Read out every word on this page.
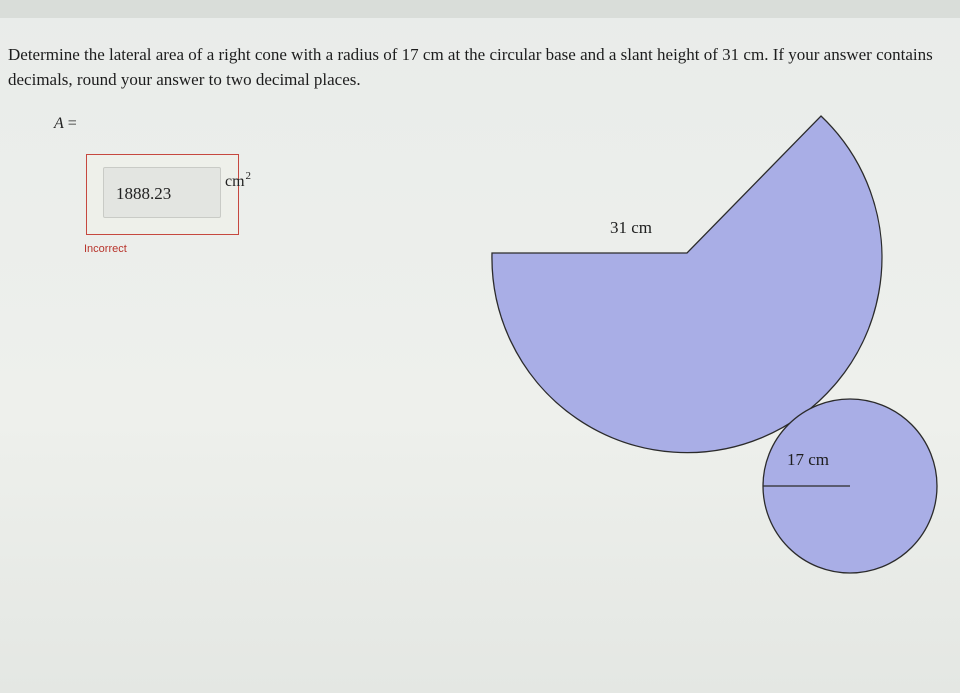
Determine the lateral area of a right cone with a radius of 17 cm at the circular base and a slant height of 31 cm. If your answer contains decimals, round your answer to two decimal places.
A =
1888.23
$cm^2$
Incorrect
31 cm
17 cm
